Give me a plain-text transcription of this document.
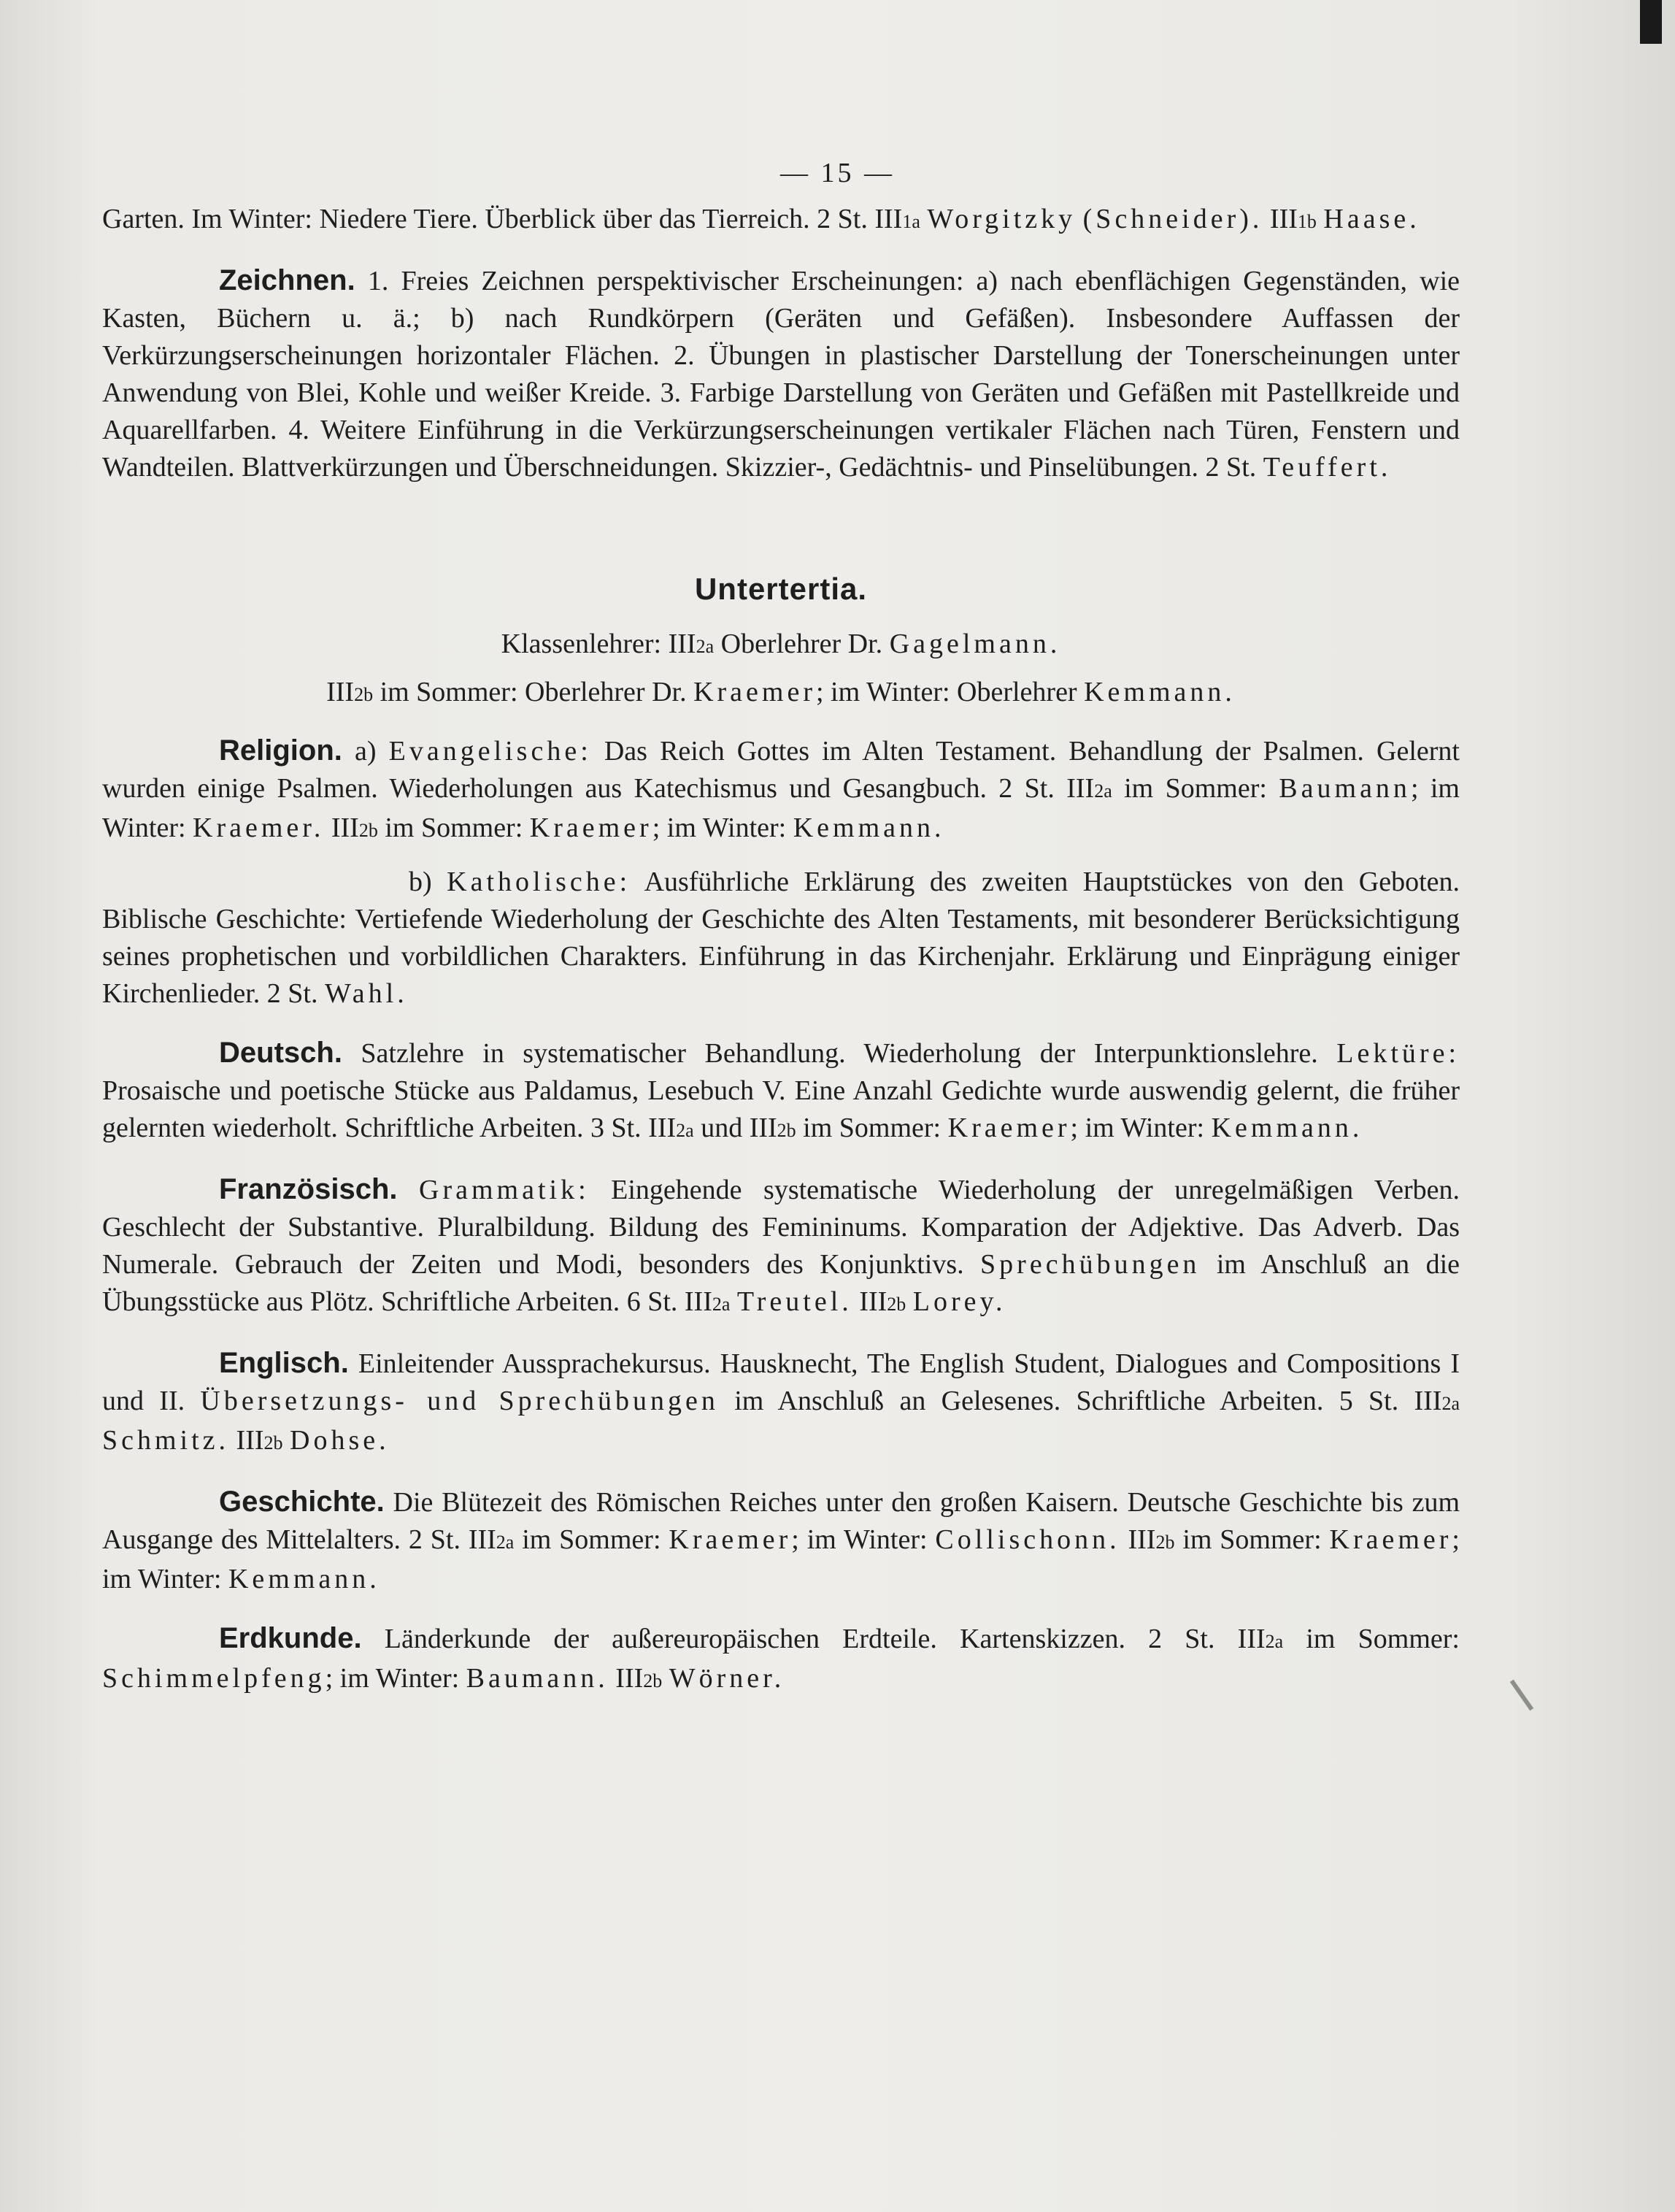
— 15 —

Garten. Im Winter: Niedere Tiere. Überblick über das Tierreich. 2 St. III1a Worgitzky (Schneider). III1b Haase.

Zeichnen. 1. Freies Zeichnen perspektivischer Erscheinungen: a) nach ebenflächigen Gegenständen, wie Kasten, Büchern u. ä.; b) nach Rundkörpern (Geräten und Gefäßen). Insbesondere Auffassen der Verkürzungserscheinungen horizontaler Flächen. 2. Übungen in plastischer Darstellung der Tonerscheinungen unter Anwendung von Blei, Kohle und weißer Kreide. 3. Farbige Darstellung von Geräten und Gefäßen mit Pastellkreide und Aquarellfarben. 4. Weitere Einführung in die Verkürzungserscheinungen vertikaler Flächen nach Türen, Fenstern und Wandteilen. Blattverkürzungen und Überschneidungen. Skizzier-, Gedächtnis- und Pinselübungen. 2 St. Teuffert.

Untertertia.
Klassenlehrer: III2a Oberlehrer Dr. Gagelmann.
III2b im Sommer: Oberlehrer Dr. Kraemer; im Winter: Oberlehrer Kemmann.

Religion. a) Evangelische: Das Reich Gottes im Alten Testament. Behandlung der Psalmen. Gelernt wurden einige Psalmen. Wiederholungen aus Katechismus und Gesangbuch. 2 St. III2a im Sommer: Baumann; im Winter: Kraemer. III2b im Sommer: Kraemer; im Winter: Kemmann.

b) Katholische: Ausführliche Erklärung des zweiten Hauptstückes von den Geboten. Biblische Geschichte: Vertiefende Wiederholung der Geschichte des Alten Testaments, mit besonderer Berücksichtigung seines prophetischen und vorbildlichen Charakters. Einführung in das Kirchenjahr. Erklärung und Einprägung einiger Kirchenlieder. 2 St. Wahl.

Deutsch. Satzlehre in systematischer Behandlung. Wiederholung der Interpunktionslehre. Lektüre: Prosaische und poetische Stücke aus Paldamus, Lesebuch V. Eine Anzahl Gedichte wurde auswendig gelernt, die früher gelernten wiederholt. Schriftliche Arbeiten. 3 St. III2a und III2b im Sommer: Kraemer; im Winter: Kemmann.

Französisch. Grammatik: Eingehende systematische Wiederholung der unregelmäßigen Verben. Geschlecht der Substantive. Pluralbildung. Bildung des Femininums. Komparation der Adjektive. Das Adverb. Das Numerale. Gebrauch der Zeiten und Modi, besonders des Konjunktivs. Sprechübungen im Anschluß an die Übungsstücke aus Plötz. Schriftliche Arbeiten. 6 St. III2a Treutel. III2b Lorey.

Englisch. Einleitender Aussprachekursus. Hausknecht, The English Student, Dialogues and Compositions I und II. Übersetzungs- und Sprechübungen im Anschluß an Gelesenes. Schriftliche Arbeiten. 5 St. III2a Schmitz. III2b Dohse.

Geschichte. Die Blütezeit des Römischen Reiches unter den großen Kaisern. Deutsche Geschichte bis zum Ausgange des Mittelalters. 2 St. III2a im Sommer: Kraemer; im Winter: Collischonn. III2b im Sommer: Kraemer; im Winter: Kemmann.

Erdkunde. Länderkunde der außereuropäischen Erdteile. Kartenskizzen. 2 St. III2a im Sommer: Schimmelpfeng; im Winter: Baumann. III2b Wörner.
